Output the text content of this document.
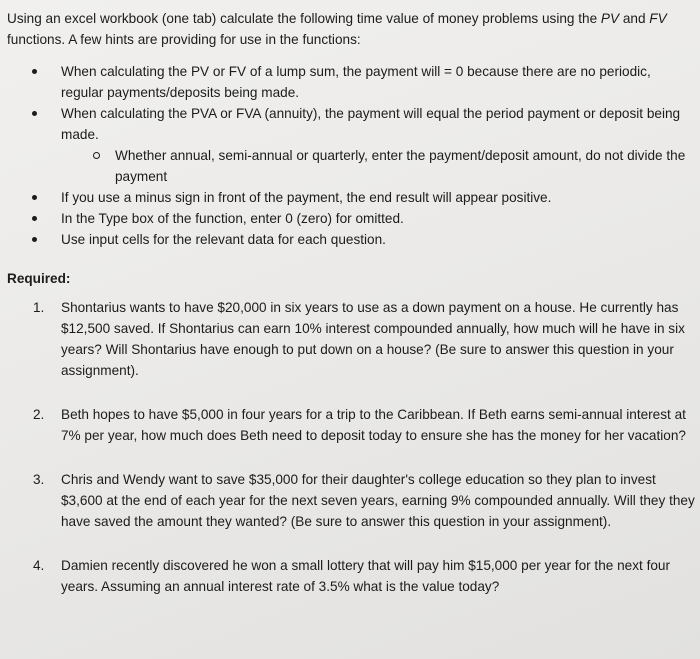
Using an excel workbook (one tab) calculate the following time value of money problems using the PV and FV functions. A few hints are providing for use in the functions:

When calculating the PV or FV of a lump sum, the payment will = 0 because there are no periodic, regular payments/deposits being made.
When calculating the PVA or FVA (annuity), the payment will equal the period payment or deposit being made.
Whether annual, semi-annual or quarterly, enter the payment/deposit amount, do not divide the payment
If you use a minus sign in front of the payment, the end result will appear positive.
In the Type box of the function, enter 0 (zero) for omitted.
Use input cells for the relevant data for each question.
Required:
1. Shontarius wants to have $20,000 in six years to use as a down payment on a house. He currently has $12,500 saved. If Shontarius can earn 10% interest compounded annually, how much will he have in six years? Will Shontarius have enough to put down on a house? (Be sure to answer this question in your assignment).
2. Beth hopes to have $5,000 in four years for a trip to the Caribbean. If Beth earns semi-annual interest at 7% per year, how much does Beth need to deposit today to ensure she has the money for her vacation?
3. Chris and Wendy want to save $35,000 for their daughter's college education so they plan to invest $3,600 at the end of each year for the next seven years, earning 9% compounded annually. Will they they have saved the amount they wanted? (Be sure to answer this question in your assignment).
4. Damien recently discovered he won a small lottery that will pay him $15,000 per year for the next four years. Assuming an annual interest rate of 3.5% what is the value today?
